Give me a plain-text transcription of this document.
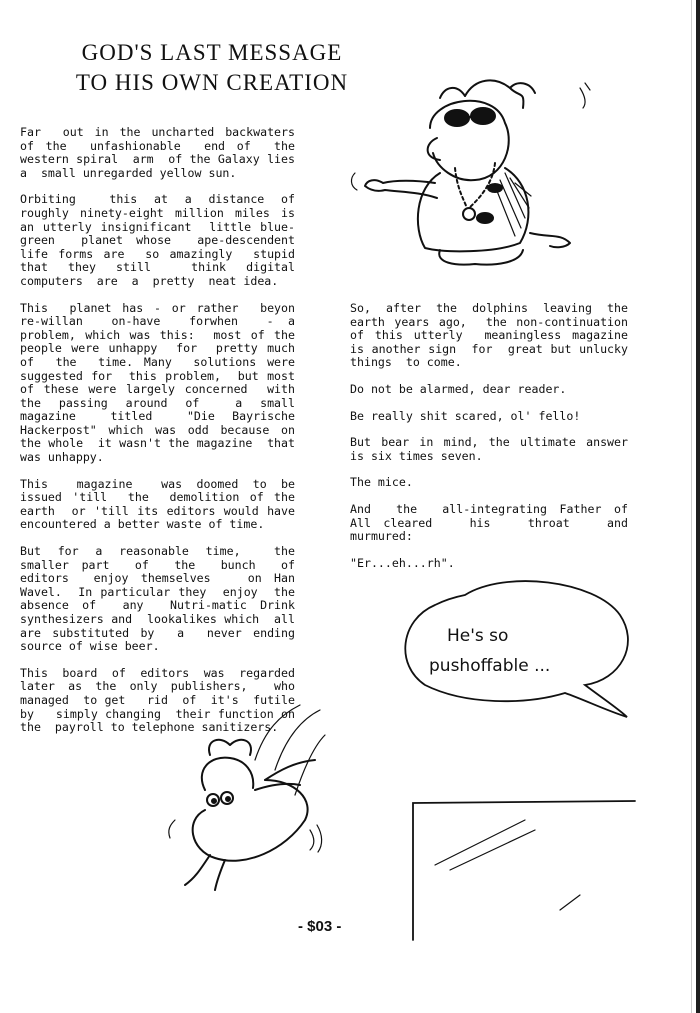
GOD'S LAST MESSAGE
TO HIS OWN CREATION

Far  out in the uncharted backwaters  of the  unfashionable  end of  the   western spiral  arm  of the Galaxy lies a  small unregarded yellow sun.

Orbiting  this at a distance of  roughly ninety-eight million miles is an utterly insignificant  little blue-green  planet whose  ape-descendent life forms are  so amazingly  stupid that they still  think digital  computers  are  a  pretty  neat idea.

This  planet has - or rather  beyon  re-willan  on-have  forwhen  - a  problem, which was this:  most of the people were unhappy  for  pretty much of  the  time. Many  solutions were suggested for  this problem,  but most of these were largely concerned  with the passing around of  a small  magazine  titled  "Die Bayrische Hackerpost" which was odd because on the whole  it wasn't the magazine  that  was unhappy.

This  magazine  was doomed to be  issued 'till  the  demolition of the  earth  or 'till its editors would have encountered a better waste of time.

But for a reasonable time,  the  smaller part  of  the  bunch  of  editors  enjoy themselves   on Han Wavel.  In particular they  enjoy  the absence of  any  Nutri-matic Drink synthesizers and  lookalikes which  all  are substituted by  a  never ending source of wise beer.

This board of editors was regarded later as the only publishers,  who managed  to get   rid  of  it's  futile  by   simply changing  their function on the  payroll to telephone sanitizers.

So, after the dolphins leaving the earth years ago,  the non-continuation of this utterly  meaningless magazine is another sign  for  great but unlucky  things  to come.

Do not be alarmed, dear reader.

Be really shit scared, ol' fello!

But bear in mind, the ultimate answer is six times seven.

The mice.

And  the  all-integrating Father of  All cleared   his   throat   and   murmured:

"Er...eh...rh".

He's so
pushoffable ...
- $03 -
